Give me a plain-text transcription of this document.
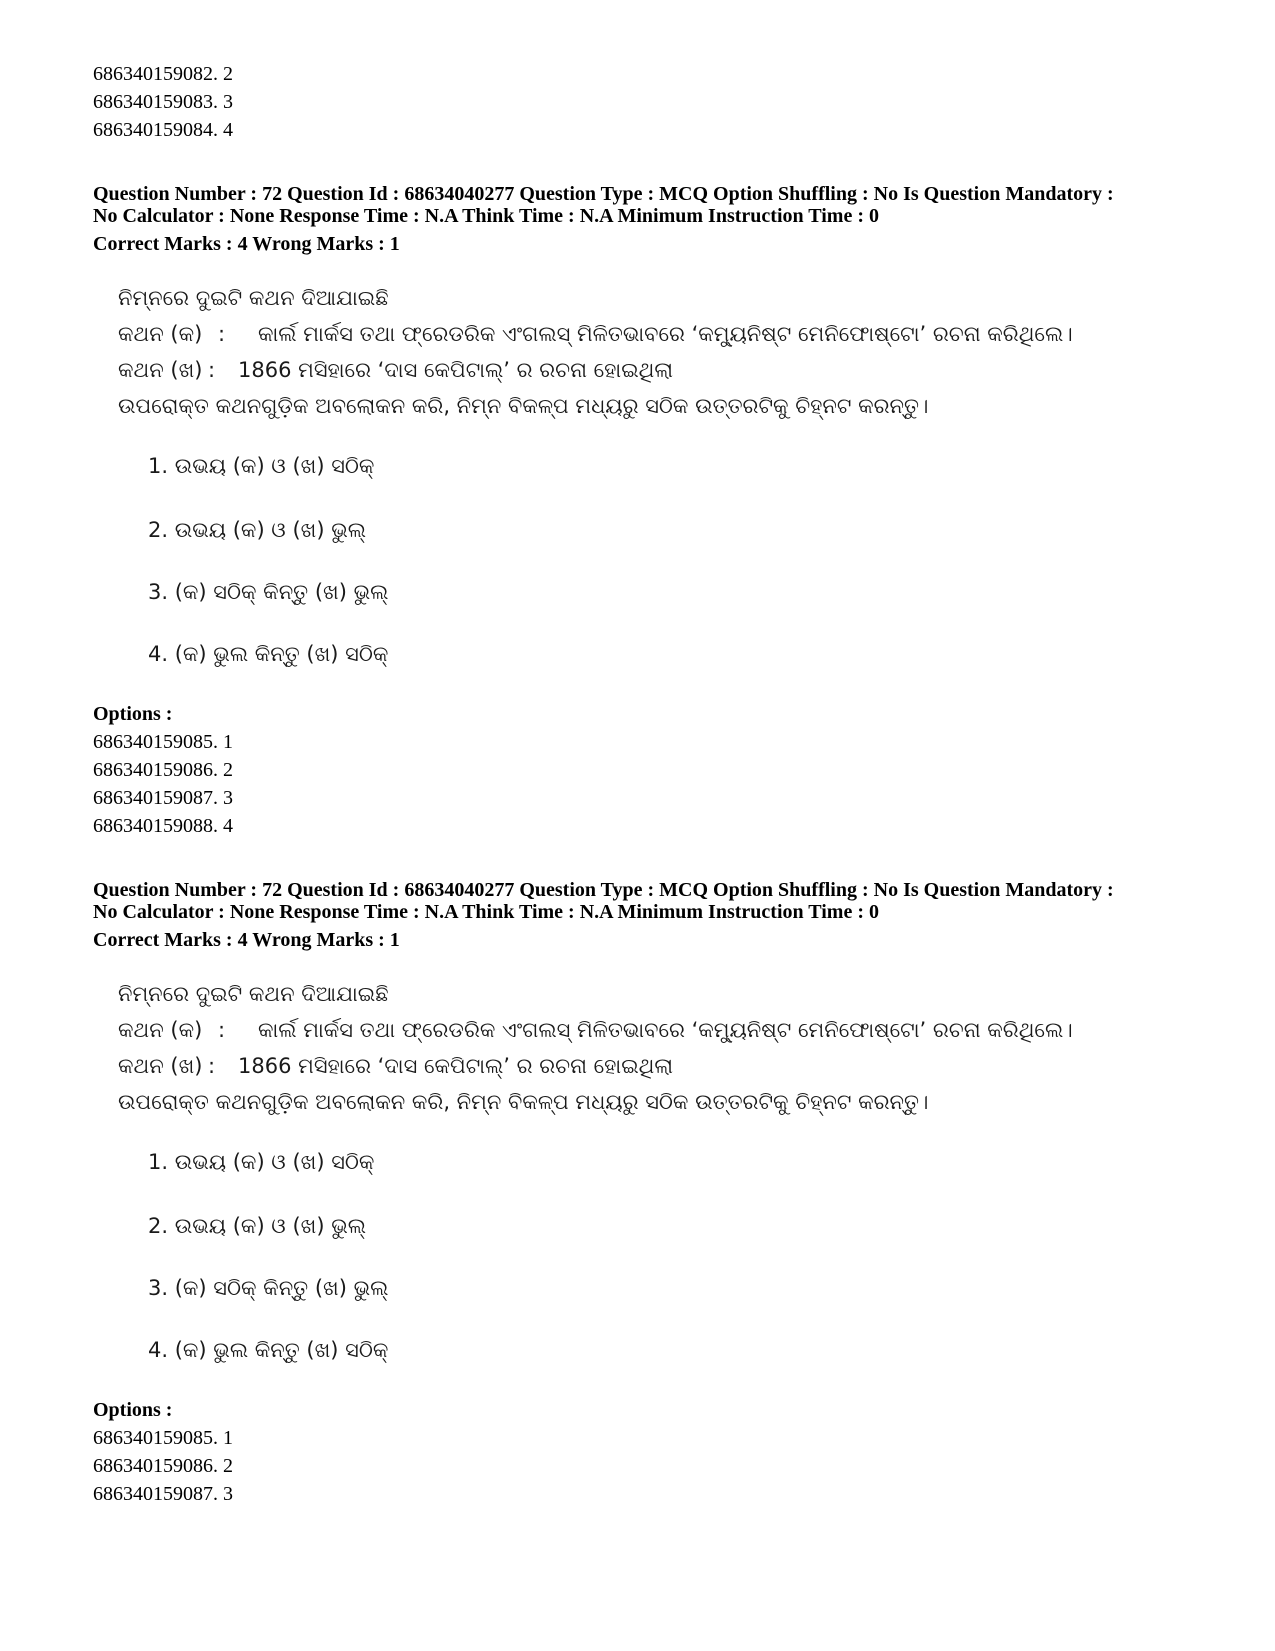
686340159082. 2
686340159083. 3
686340159084. 4
Question Number : 72 Question Id : 68634040277 Question Type : MCQ Option Shuffling : No Is Question Mandatory :
No Calculator : None Response Time : N.A Think Time : N.A Minimum Instruction Time : 0
Correct Marks : 4 Wrong Marks : 1
ନିମ୍ନରେ ଦୁଇଟି କଥନ ଦିଆଯାଇଛି
କଥନ (କ) : କାର୍ଲ ମାର୍କସ ତଥା ଫ୍ରେଡରିକ ଏଂଗଲସ୍ ମିଳିତଭାବରେ ‘କମ୍ୟୁନିଷ୍ଟ ମେନିଫୋଷ୍ଟୋ’ ରଚନା କରିଥିଲେ।
କଥନ (ଖ) : 1866 ମସିହାରେ ‘ଦାସ କେପିଟାଲ୍’ ର ରଚନା ହୋଇଥିଲା
ଉପରୋକ୍ତ କଥନଗୁଡ଼ିକ ଅବଲୋକନ କରି, ନିମ୍ନ ବିକଳ୍ପ ମଧ୍ୟରୁ ସଠିକ ଉତ୍ତରଟିକୁ ଚିହ୍ନଟ କରନ୍ତୁ।
1. ଉଭୟ (କ) ଓ (ଖ) ସଠିକ୍
2. ଉଭୟ (କ) ଓ (ଖ) ଭୁଲ୍
3. (କ) ସଠିକ୍ କିନ୍ତୁ (ଖ) ଭୁଲ୍
4. (କ) ଭୁଲ କିନ୍ତୁ (ଖ) ସଠିକ୍
Options :
686340159085. 1
686340159086. 2
686340159087. 3
686340159088. 4
Question Number : 72 Question Id : 68634040277 Question Type : MCQ Option Shuffling : No Is Question Mandatory :
No Calculator : None Response Time : N.A Think Time : N.A Minimum Instruction Time : 0
Correct Marks : 4 Wrong Marks : 1
ନିମ୍ନରେ ଦୁଇଟି କଥନ ଦିଆଯାଇଛି
କଥନ (କ) : କାର୍ଲ ମାର୍କସ ତଥା ଫ୍ରେଡରିକ ଏଂଗଲସ୍ ମିଳିତଭାବରେ ‘କମ୍ୟୁନିଷ୍ଟ ମେନିଫୋଷ୍ଟୋ’ ରଚନା କରିଥିଲେ।
କଥନ (ଖ) : 1866 ମସିହାରେ ‘ଦାସ କେପିଟାଲ୍’ ର ରଚନା ହୋଇଥିଲା
ଉପରୋକ୍ତ କଥନଗୁଡ଼ିକ ଅବଲୋକନ କରି, ନିମ୍ନ ବିକଳ୍ପ ମଧ୍ୟରୁ ସଠିକ ଉତ୍ତରଟିକୁ ଚିହ୍ନଟ କରନ୍ତୁ।
1. ଉଭୟ (କ) ଓ (ଖ) ସଠିକ୍
2. ଉଭୟ (କ) ଓ (ଖ) ଭୁଲ୍
3. (କ) ସଠିକ୍ କିନ୍ତୁ (ଖ) ଭୁଲ୍
4. (କ) ଭୁଲ କିନ୍ତୁ (ଖ) ସଠିକ୍
Options :
686340159085. 1
686340159086. 2
686340159087. 3
